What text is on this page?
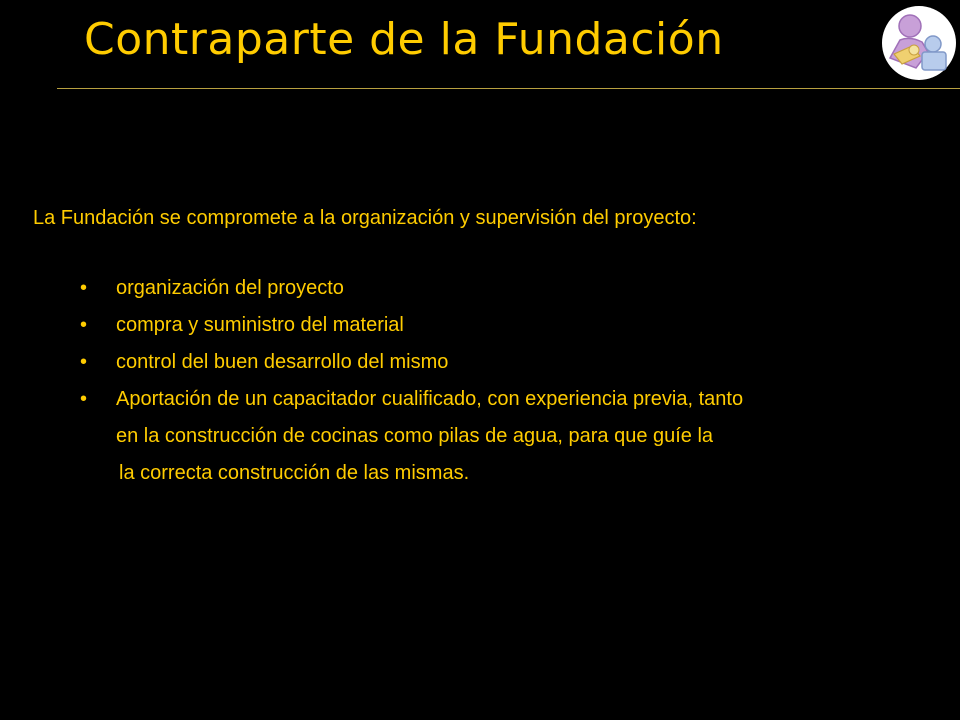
Contraparte de la Fundación
La Fundación se compromete a la organización y supervisión del proyecto:
• organización del proyecto
• compra y suministro del material
• control del buen desarrollo del mismo
• Aportación de un capacitador cualificado, con experiencia previa, tanto
en la construcción de cocinas como pilas de agua, para que guíe la
la correcta construcción de las mismas.
